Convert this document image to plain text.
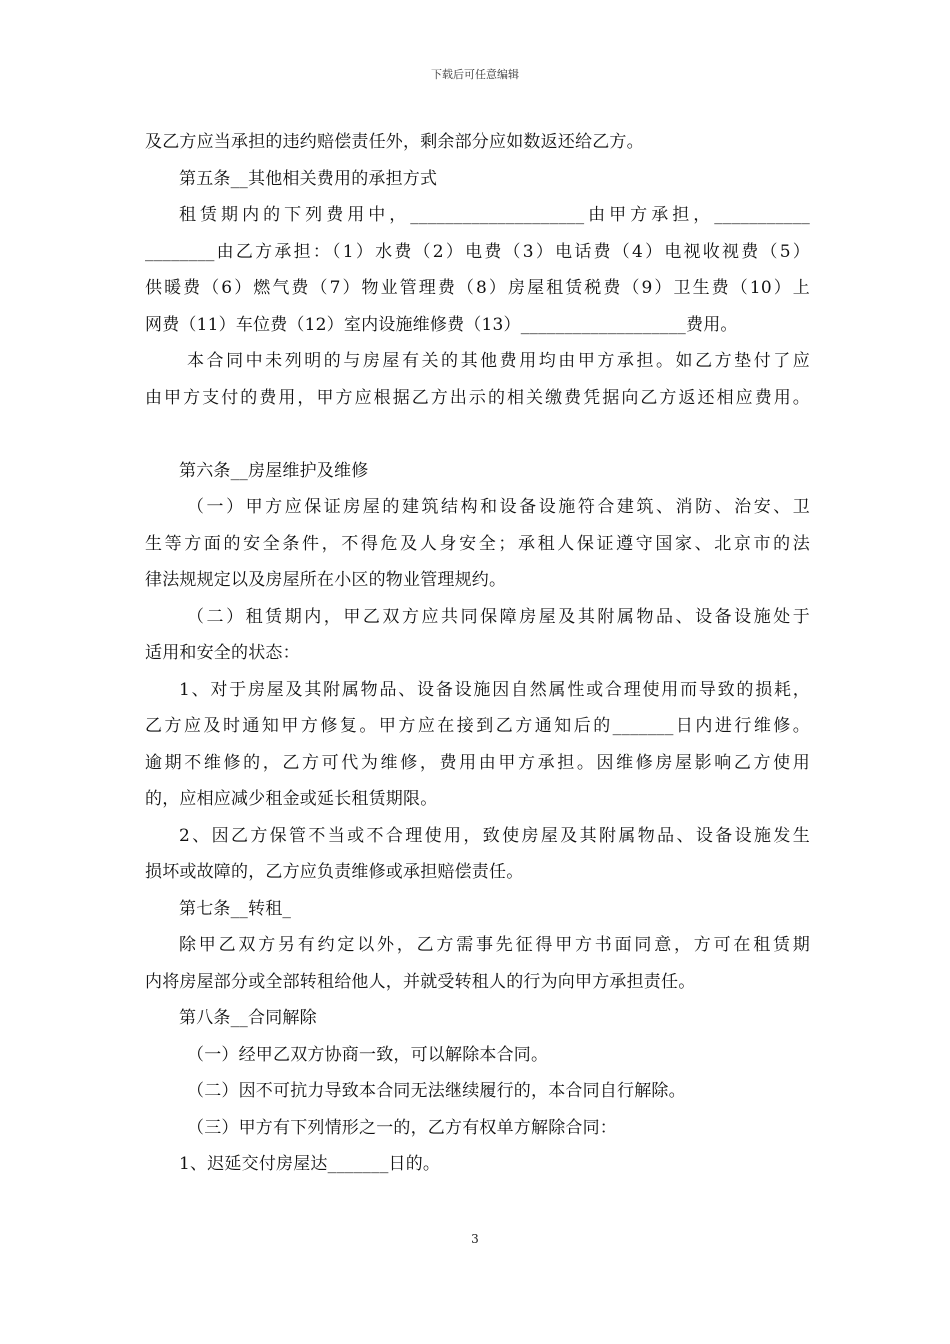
下载后可任意编辑
及乙方应当承担的违约赔偿责任外，剩余部分应如数返还给乙方。
第五条__其他相关费用的承担方式
租赁期内的下列费用中，____________________由甲方承担，___________
________由乙方承担：（1）水费（2）电费（3）电话费（4）电视收视费（5）
供暖费（6）燃气费（7）物业管理费（8）房屋租赁税费（9）卫生费（10）上
网费（11）车位费（12）室内设施维修费（13）___________________费用。
本合同中未列明的与房屋有关的其他费用均由甲方承担。如乙方垫付了应
由甲方支付的费用，甲方应根据乙方出示的相关缴费凭据向乙方返还相应费用。
第六条__房屋维护及维修
（一）甲方应保证房屋的建筑结构和设备设施符合建筑、消防、治安、卫
生等方面的安全条件，不得危及人身安全；承租人保证遵守国家、北京市的法
律法规规定以及房屋所在小区的物业管理规约。
（二）租赁期内，甲乙双方应共同保障房屋及其附属物品、设备设施处于
适用和安全的状态：
1、对于房屋及其附属物品、设备设施因自然属性或合理使用而导致的损耗，
乙方应及时通知甲方修复。甲方应在接到乙方通知后的_______日内进行维修。
逾期不维修的，乙方可代为维修，费用由甲方承担。因维修房屋影响乙方使用
的，应相应减少租金或延长租赁期限。
2、因乙方保管不当或不合理使用，致使房屋及其附属物品、设备设施发生
损坏或故障的，乙方应负责维修或承担赔偿责任。
第七条__转租_
除甲乙双方另有约定以外，乙方需事先征得甲方书面同意，方可在租赁期
内将房屋部分或全部转租给他人，并就受转租人的行为向甲方承担责任。
第八条__合同解除
（一）经甲乙双方协商一致，可以解除本合同。
（二）因不可抗力导致本合同无法继续履行的，本合同自行解除。
（三）甲方有下列情形之一的，乙方有权单方解除合同：
1、迟延交付房屋达_______日的。
3
